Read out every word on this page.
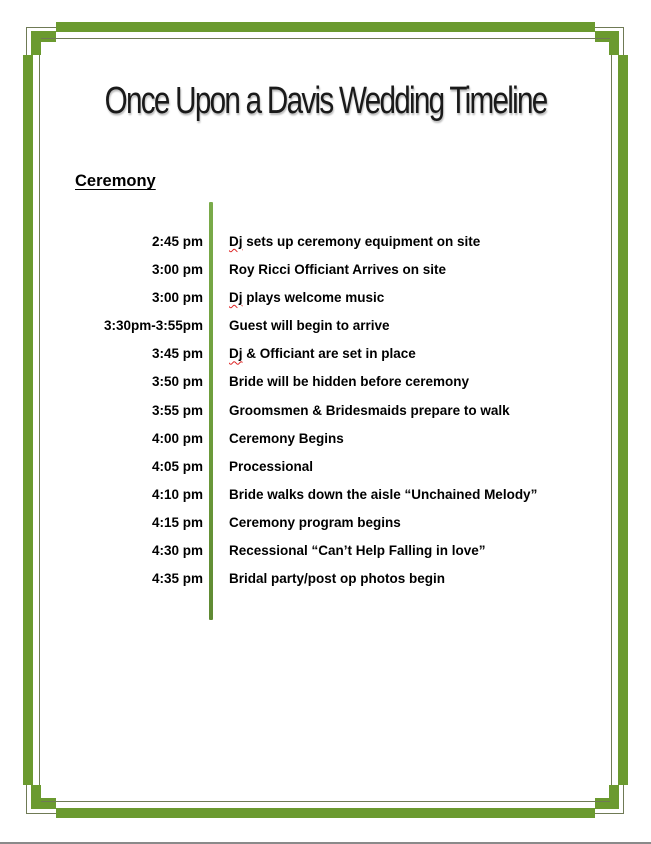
Once Upon a Davis Wedding Timeline
Ceremony
2:45 pm Dj sets up ceremony equipment on site
3:00 pm Roy Ricci Officiant Arrives on site
3:00 pm Dj plays welcome music
3:30pm-3:55pm Guest will begin to arrive
3:45 pm Dj & Officiant are set in place
3:50 pm Bride will be hidden before ceremony
3:55 pm Groomsmen & Bridesmaids prepare to walk
4:00 pm Ceremony Begins
4:05 pm Processional
4:10 pm Bride walks down the aisle “Unchained Melody”
4:15 pm Ceremony program begins
4:30 pm Recessional “Can’t Help Falling in love”
4:35 pm Bridal party/post op photos begin
